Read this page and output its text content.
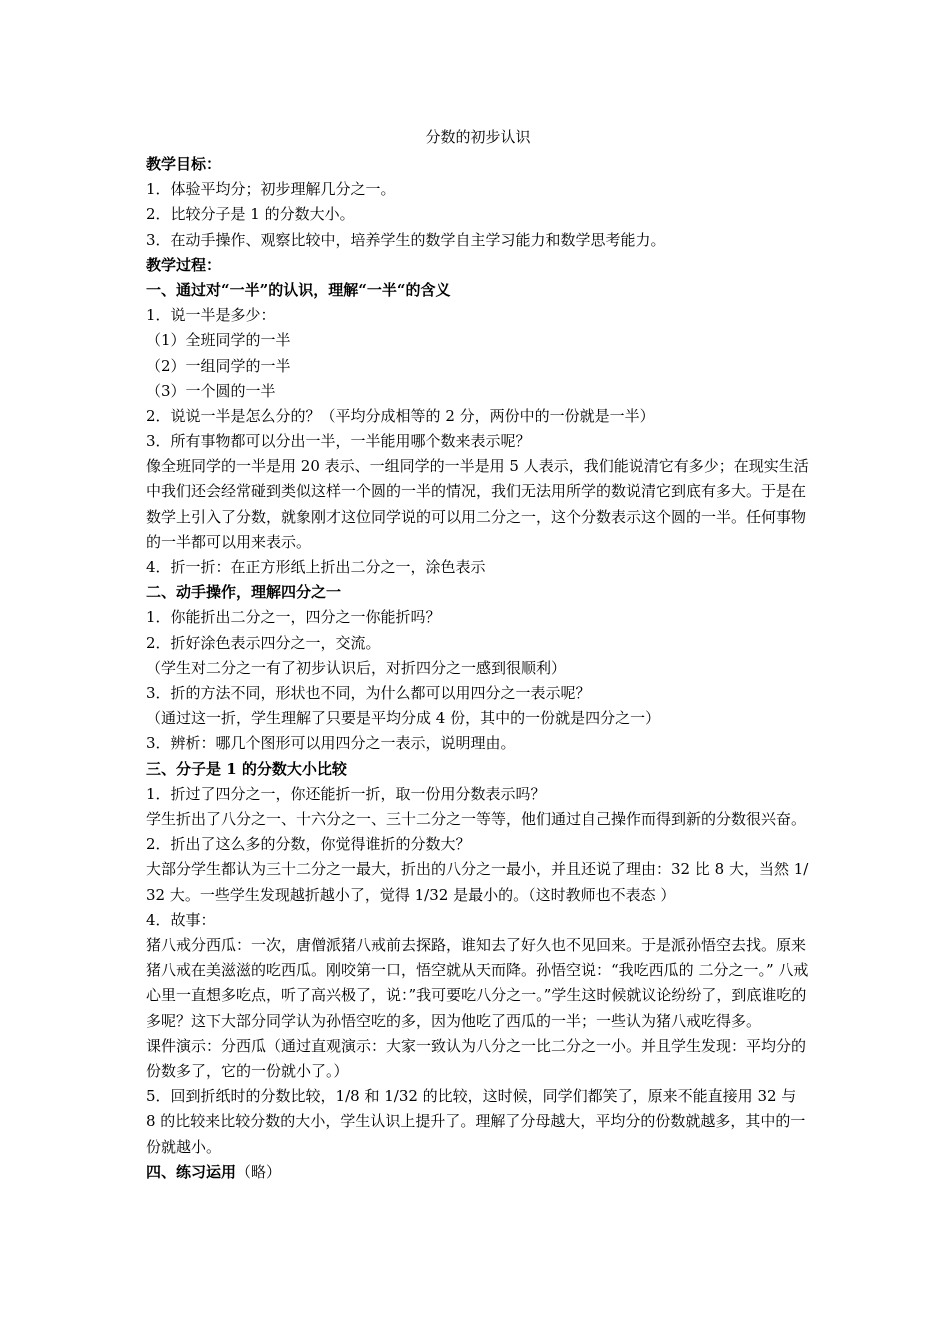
分数的初步认识
教学目标：
1．体验平均分；初步理解几分之一。
2．比较分子是 1 的分数大小。
3．在动手操作、观察比较中，培养学生的数学自主学习能力和数学思考能力。
教学过程：
一、通过对“一半”的认识，理解“一半“的含义
1．说一半是多少：
（1）全班同学的一半
（2）一组同学的一半
（3）一个圆的一半
2．说说一半是怎么分的？（平均分成相等的 2 分，两份中的一份就是一半）
3．所有事物都可以分出一半，一半能用哪个数来表示呢？
像全班同学的一半是用 20 表示、一组同学的一半是用 5 人表示，我们能说清它有多少；在现实生活中我们还会经常碰到类似这样一个圆的一半的情况，我们无法用所学的数说清它到底有多大。于是在数学上引入了分数，就象刚才这位同学说的可以用二分之一，这个分数表示这个圆的一半。任何事物的一半都可以用来表示。
4．折一折：在正方形纸上折出二分之一，涂色表示
二、动手操作，理解四分之一
1．你能折出二分之一，四分之一你能折吗？
2．折好涂色表示四分之一，交流。
（学生对二分之一有了初步认识后，对折四分之一感到很顺利）
3．折的方法不同，形状也不同，为什么都可以用四分之一表示呢？
（通过这一折，学生理解了只要是平均分成 4 份，其中的一份就是四分之一）
3．辨析：哪几个图形可以用四分之一表示，说明理由。
三、分子是 1 的分数大小比较
1．折过了四分之一，你还能折一折，取一份用分数表示吗？
学生折出了八分之一、十六分之一、三十二分之一等等，他们通过自己操作而得到新的分数很兴奋。
2．折出了这么多的分数，你觉得谁折的分数大？
大部分学生都认为三十二分之一最大，折出的八分之一最小，并且还说了理由：32 比 8 大，当然 1/32 大。一些学生发现越折越小了，觉得 1/32 是最小的。（这时教师也不表态 ）
4．故事：
猪八戒分西瓜：一次，唐僧派猪八戒前去探路，谁知去了好久也不见回来。于是派孙悟空去找。原来猪八戒在美滋滋的吃西瓜。刚咬第一口，悟空就从天而降。孙悟空说：“我吃西瓜的 二分之一。” 八戒心里一直想多吃点，听了高兴极了，说：”我可要吃八分之一。”学生这时候就议论纷纷了，到底谁吃的多呢？这下大部分同学认为孙悟空吃的多，因为他吃了西瓜的一半；一些认为猪八戒吃得多。
课件演示：分西瓜（通过直观演示：大家一致认为八分之一比二分之一小。并且学生发现：平均分的份数多了，它的一份就小了。）
5．回到折纸时的分数比较，1/8 和 1/32 的比较，这时候，同学们都笑了，原来不能直接用 32 与 8 的比较来比较分数的大小，学生认识上提升了。理解了分母越大，平均分的份数就越多，其中的一份就越小。
四、练习运用（略）
